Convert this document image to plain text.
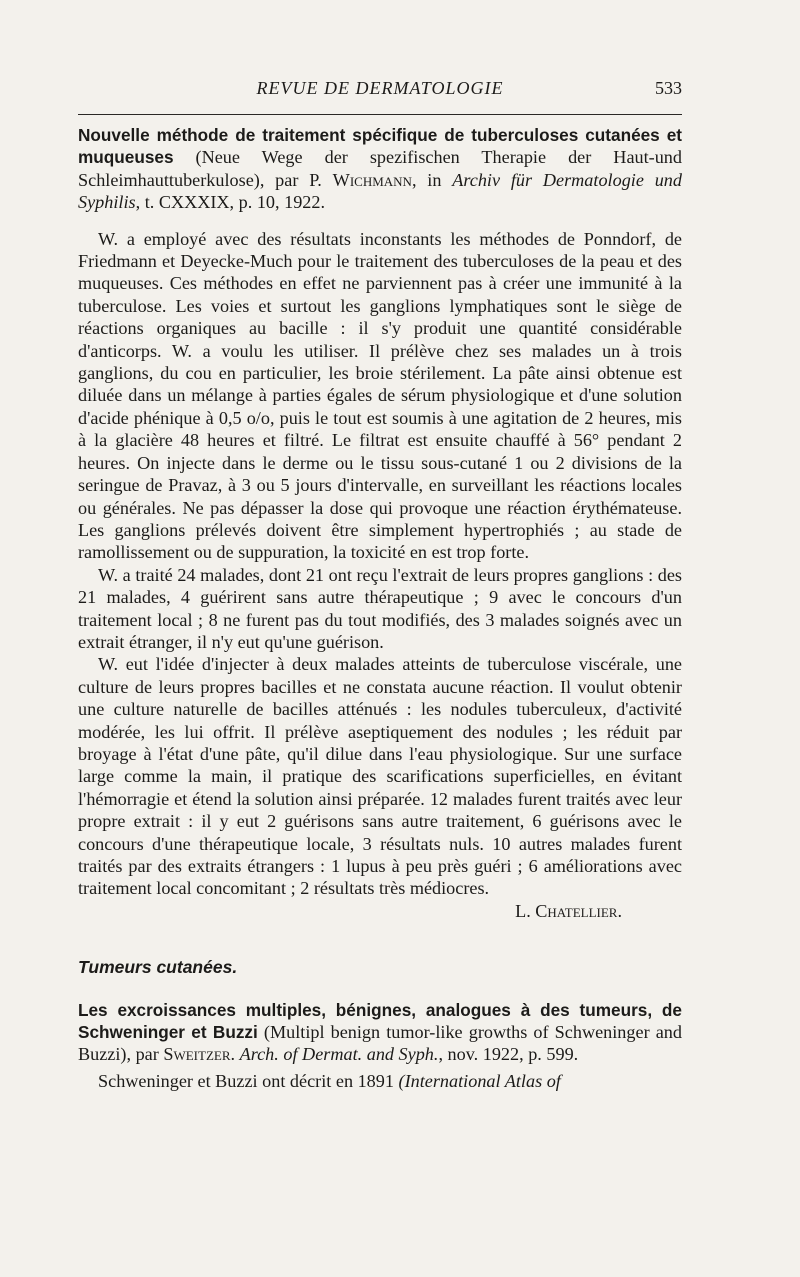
REVUE DE DERMATOLOGIE	533

Nouvelle méthode de traitement spécifique de tuberculoses cutanées et muqueuses (Neue Wege der spezifischen Therapie der Haut-und Schleimhauttuberkulose), par P. Wichmann, in Archiv für Dermatologie und Syphilis, t. CXXXIX, p. 10, 1922.

W. a employé avec des résultats inconstants les méthodes de Ponndorf, de Friedmann et Deyecke-Much pour le traitement des tuberculoses de la peau et des muqueuses. Ces méthodes en effet ne parviennent pas à créer une immunité à la tuberculose. Les voies et surtout les ganglions lymphatiques sont le siège de réactions organiques au bacille : il s'y produit une quantité considérable d'anticorps. W. a voulu les utiliser. Il prélève chez ses malades un à trois ganglions, du cou en particulier, les broie stérilement. La pâte ainsi obtenue est diluée dans un mélange à parties égales de sérum physiologique et d'une solution d'acide phénique à 0,5 o/o, puis le tout est soumis à une agitation de 2 heures, mis à la glacière 48 heures et filtré. Le filtrat est ensuite chauffé à 56° pendant 2 heures. On injecte dans le derme ou le tissu sous-cutané 1 ou 2 divisions de la seringue de Pravaz, à 3 ou 5 jours d'intervalle, en surveillant les réactions locales ou générales. Ne pas dépasser la dose qui provoque une réaction érythémateuse. Les ganglions prélevés doivent être simplement hypertrophiés ; au stade de ramollissement ou de suppuration, la toxicité en est trop forte.

W. a traité 24 malades, dont 21 ont reçu l'extrait de leurs propres ganglions : des 21 malades, 4 guérirent sans autre thérapeutique ; 9 avec le concours d'un traitement local ; 8 ne furent pas du tout modifiés, des 3 malades soignés avec un extrait étranger, il n'y eut qu'une guérison.

W. eut l'idée d'injecter à deux malades atteints de tuberculose viscérale, une culture de leurs propres bacilles et ne constata aucune réaction. Il voulut obtenir une culture naturelle de bacilles atténués : les nodules tuberculeux, d'activité modérée, les lui offrit. Il prélève aseptiquement des nodules ; les réduit par broyage à l'état d'une pâte, qu'il dilue dans l'eau physiologique. Sur une surface large comme la main, il pratique des scarifications superficielles, en évitant l'hémorragie et étend la solution ainsi préparée. 12 malades furent traités avec leur propre extrait : il y eut 2 guérisons sans autre traitement, 6 guérisons avec le concours d'une thérapeutique locale, 3 résultats nuls. 10 autres malades furent traités par des extraits étrangers : 1 lupus à peu près guéri ; 6 améliorations avec traitement local concomitant ; 2 résultats très médiocres.

L. Chatellier.
Tumeurs cutanées.

Les excroissances multiples, bénignes, analogues à des tumeurs, de Schweninger et Buzzi (Multipl benign tumor-like growths of Schweninger and Buzzi), par Sweitzer. Arch. of Dermat. and Syph., nov. 1922, p. 599.

Schweninger et Buzzi ont décrit en 1891 (International Atlas of
